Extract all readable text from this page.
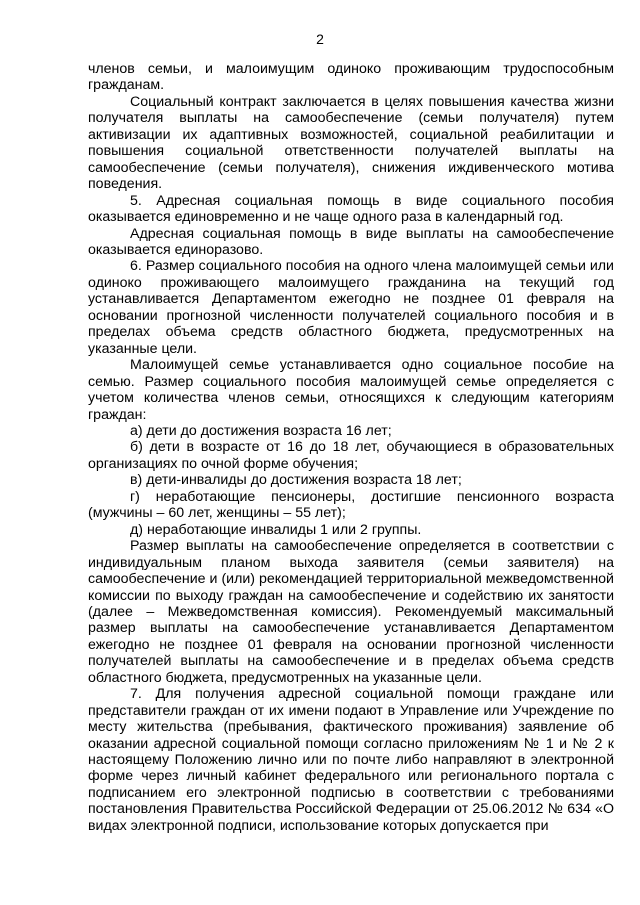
2

членов семьи, и малоимущим одиноко проживающим трудоспособным гражданам.

Социальный контракт заключается в целях повышения качества жизни получателя выплаты на самообеспечение (семьи получателя) путем активизации их адаптивных возможностей, социальной реабилитации и повышения социальной ответственности получателей выплаты на самообеспечение (семьи получателя), снижения иждивенческого мотива поведения.

5. Адресная социальная помощь в виде социального пособия оказывается единовременно и не чаще одного раза в календарный год.

Адресная социальная помощь в виде выплаты на самообеспечение оказывается единоразово.

6. Размер социального пособия на одного члена малоимущей семьи или одиноко проживающего малоимущего гражданина на текущий год устанавливается Департаментом ежегодно не позднее 01 февраля на основании прогнозной численности получателей социального пособия и в пределах объема средств областного бюджета, предусмотренных на указанные цели.

Малоимущей семье устанавливается одно социальное пособие на семью. Размер социального пособия малоимущей семье определяется с учетом количества членов семьи, относящихся к следующим категориям граждан:

а) дети до достижения возраста 16 лет;

б) дети в возрасте от 16 до 18 лет, обучающиеся в образовательных организациях по очной форме обучения;

в) дети-инвалиды до достижения возраста 18 лет;

г) неработающие пенсионеры, достигшие пенсионного возраста (мужчины – 60 лет, женщины – 55 лет);

д) неработающие инвалиды 1 или 2 группы.

Размер выплаты на самообеспечение определяется в соответствии с индивидуальным планом выхода заявителя (семьи заявителя) на самообеспечение и (или) рекомендацией территориальной межведомственной комиссии по выходу граждан на самообеспечение и содействию их занятости (далее – Межведомственная комиссия). Рекомендуемый максимальный размер выплаты на самообеспечение устанавливается Департаментом ежегодно не позднее 01 февраля на основании прогнозной численности получателей выплаты на самообеспечение и в пределах объема средств областного бюджета, предусмотренных на указанные цели.

7. Для получения адресной социальной помощи граждане или представители граждан от их имени подают в Управление или Учреждение по месту жительства (пребывания, фактического проживания) заявление об оказании адресной социальной помощи согласно приложениям № 1 и № 2 к настоящему Положению лично или по почте либо направляют в электронной форме через личный кабинет федерального или регионального портала с подписанием его электронной подписью в соответствии с требованиями постановления Правительства Российской Федерации от 25.06.2012 № 634 «О видах электронной подписи, использование которых допускается при
